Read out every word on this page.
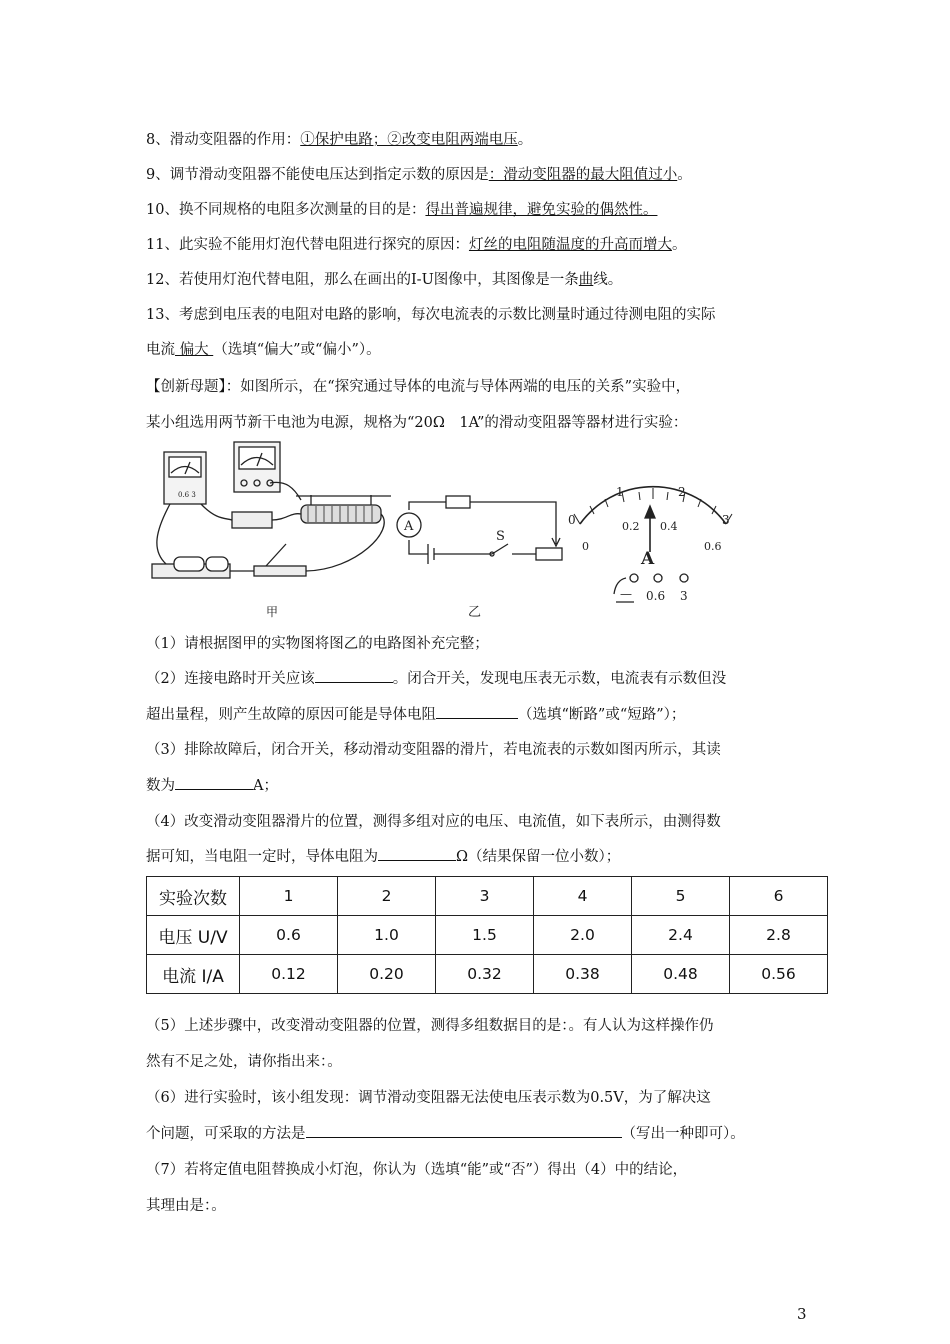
8、滑动变阻器的作用：①保护电路；②改变电阻两端电压。
9、调节滑动变阻器不能使电压达到指定示数的原因是：滑动变阻器的最大阻值过小。
10、换不同规格的电阻多次测量的目的是：得出普遍规律，避免实验的偶然性。
11、此实验不能用灯泡代替电阻进行探究的原因：灯丝的电阻随温度的升高而增大。
12、若使用灯泡代替电阻，那么在画出的I-U图像中，其图像是一条曲线。
13、考虑到电压表的电阻对电路的影响，每次电流表的示数比测量时通过待测电阻的实际
电流 偏大 （选填“偏大”或“偏小”）。
【创新母题】：如图所示，在“探究通过导体的电流与导体两端的电压的关系”实验中，
某小组选用两节新干电池为电源，规格为“20Ω　1A”的滑动变阻器等器材进行实验：
0.6 3
甲
A
S
乙
0
1	2
3
0
0.2 0.4
0.6
A
— 0.6 3
（1）请根据图甲的实物图将图乙的电路图补充完整；
（2）连接电路时开关应该	。闭合开关，发现电压表无示数，电流表有示数但没
超出量程，则产生故障的原因可能是导体电阻	（选填“断路”或“短路”）；
（3）排除故障后，闭合开关，移动滑动变阻器的滑片，若电流表的示数如图丙所示，其读
数为	A；
（4）改变滑动变阻器滑片的位置，测得多组对应的电压、电流值，如下表所示，由测得数
据可知，当电阻一定时，导体电阻为	Ω（结果保留一位小数）；
实验次数	1	2	3	4	5	6
电压 U/V	0.6	1.0	1.5	2.0	2.4	2.8
电流 I/A	0.12	0.20	0.32	0.38	0.48	0.56
（5）上述步骤中，改变滑动变阻器的位置，测得多组数据目的是：。有人认为这样操作仍
然有不足之处，请你指出来：。
（6）进行实验时，该小组发现：调节滑动变阻器无法使电压表示数为0.5V，为了解决这
个问题，可采取的方法是	（写出一种即可）。
（7）若将定值电阻替换成小灯泡，你认为（选填“能”或“否”）得出（4）中的结论，
其理由是：。
3
